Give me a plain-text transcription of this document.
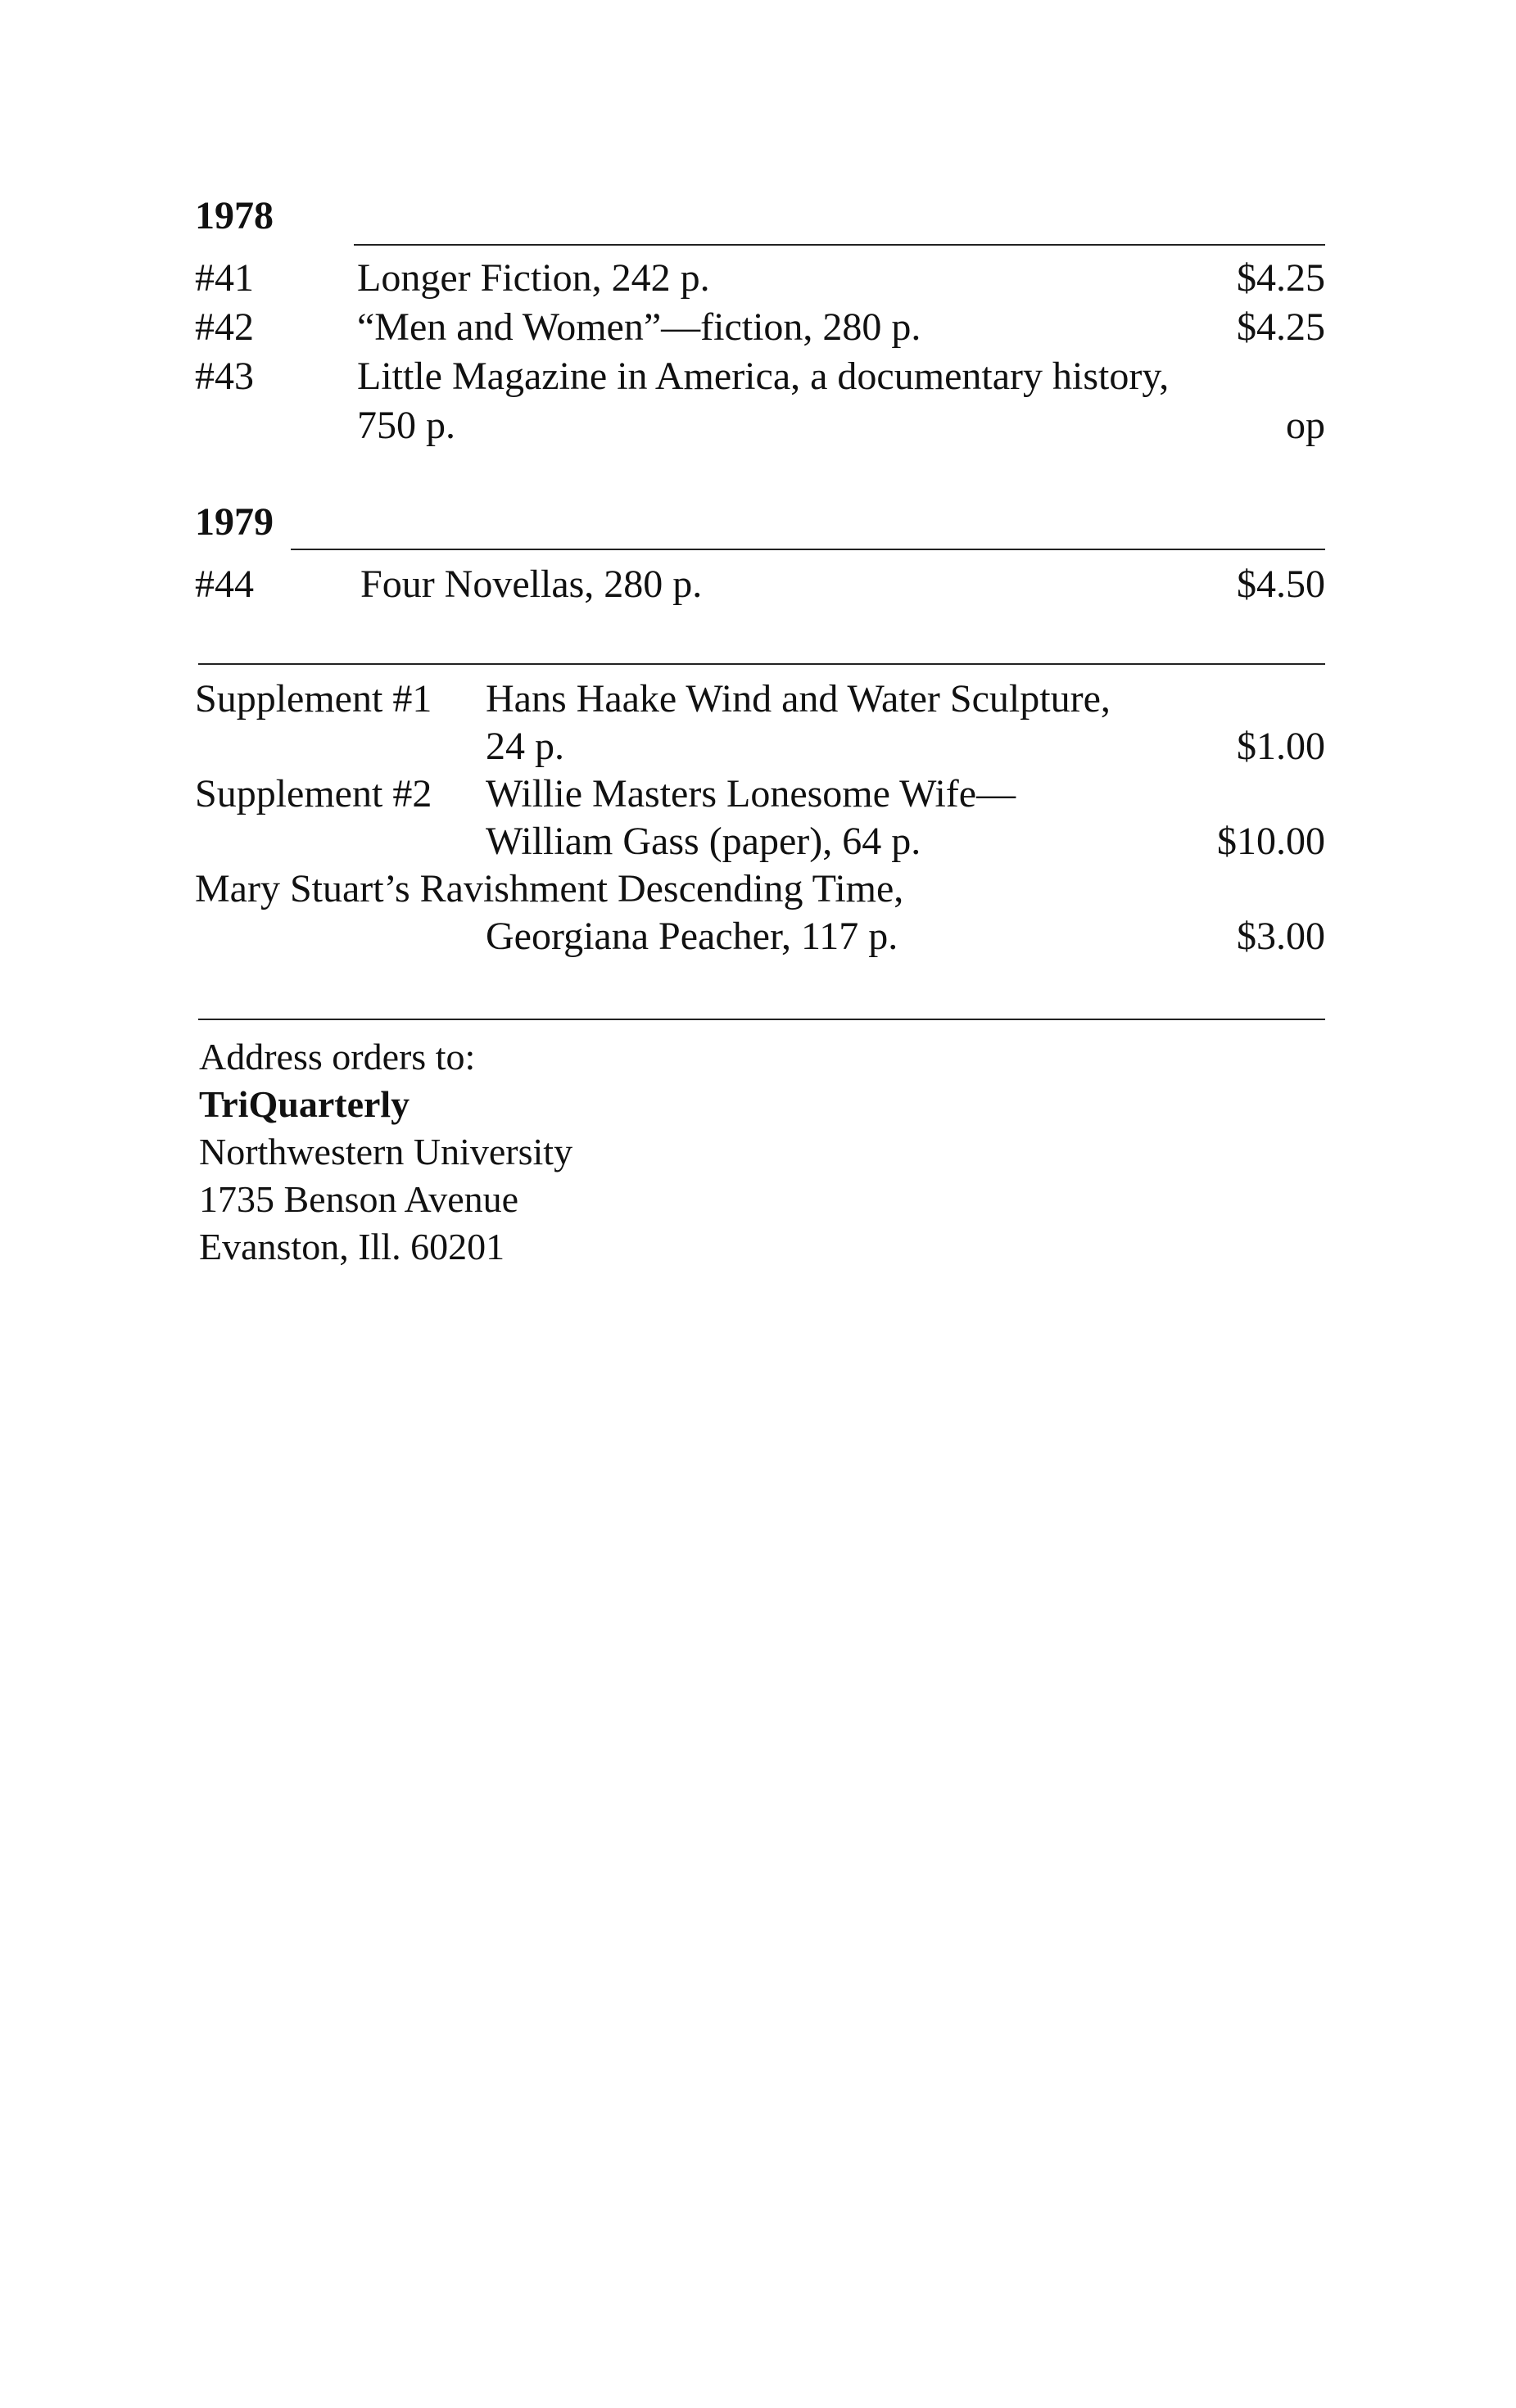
1978
#41	Longer Fiction, 242 p.	$4.25
#42	“Men and Women”—fiction, 280 p.	$4.25
#43	Little Magazine in America, a documentary history,
750 p.	op
1979
#44	Four Novellas, 280 p.	$4.50
Supplement #1 Hans Haake Wind and Water Sculpture,
24 p.	$1.00
Supplement #2 Willie Masters Lonesome Wife—
William Gass (paper), 64 p.	$10.00
Mary Stuart’s Ravishment Descending Time,
Georgiana Peacher, 117 p.	$3.00
Address orders to:
TriQuarterly
Northwestern University
1735 Benson Avenue
Evanston, Ill. 60201
